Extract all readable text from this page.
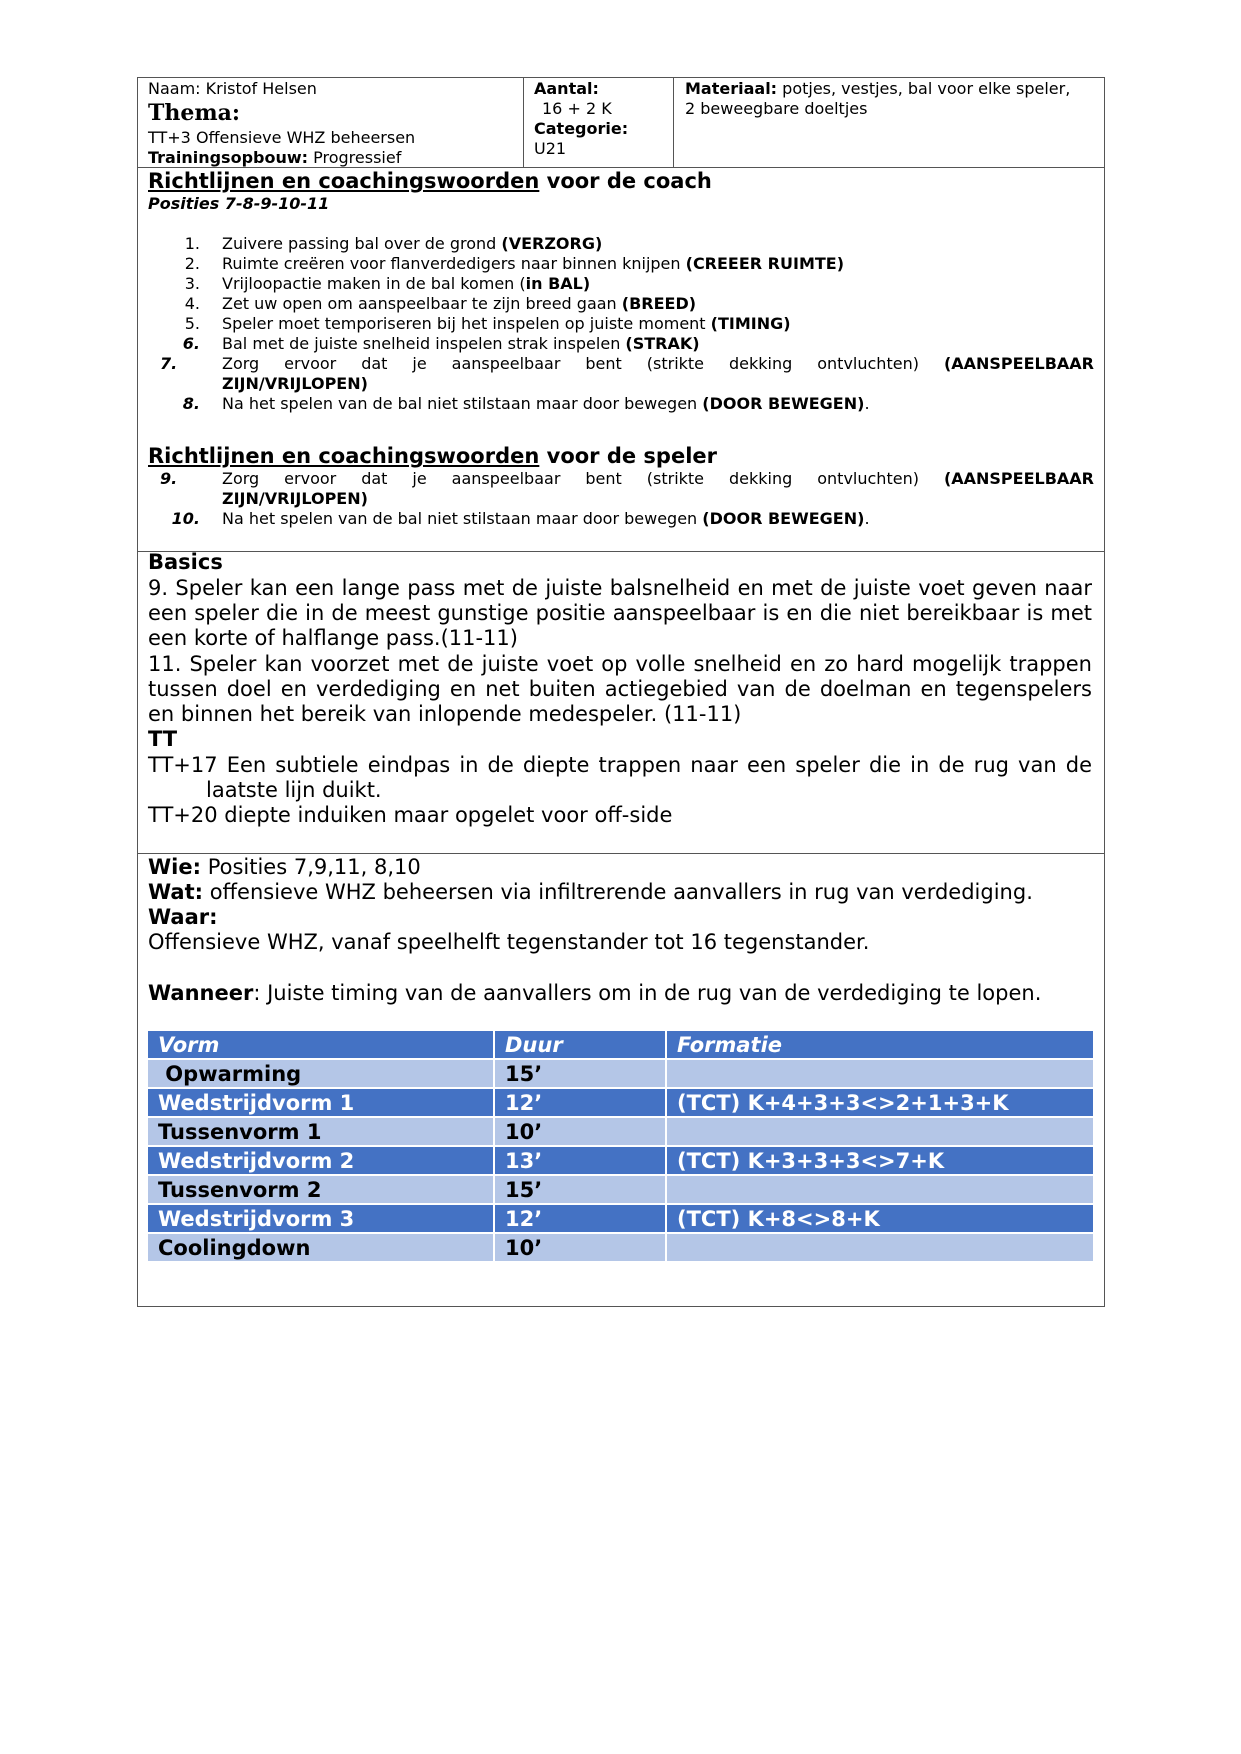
Naam: Kristof Helsen
Thema:
TT+3 Offensieve WHZ beheersen
Trainingsopbouw: Progressief
Aantal:
16 + 2 K
Categorie:
U21
Materiaal: potjes, vestjes, bal voor elke speler,
2 beweegbare doeltjes
Richtlijnen en coachingswoorden voor de coach
Posities 7-8-9-10-11
1. Zuivere passing bal over de grond (VERZORG)
2. Ruimte creëren voor flanverdedigers naar binnen knijpen (CREEER RUIMTE)
3. Vrijloopactie maken in de bal komen (in BAL)
4. Zet uw open om aanspeelbaar te zijn breed gaan (BREED)
5. Speler moet temporiseren bij het inspelen op juiste moment (TIMING)
6. Bal met de juiste snelheid inspelen strak inspelen (STRAK)
7.	Zorg ervoor dat je aanspeelbaar bent (strikte dekking ontvluchten) (AANSPEELBAAR
ZIJN/VRIJLOPEN)
8. Na het spelen van de bal niet stilstaan maar door bewegen (DOOR BEWEGEN).
Richtlijnen en coachingswoorden voor de speler
9.	Zorg ervoor dat je aanspeelbaar bent (strikte dekking ontvluchten) (AANSPEELBAAR
ZIJN/VRIJLOPEN)
10. Na het spelen van de bal niet stilstaan maar door bewegen (DOOR BEWEGEN).
Basics
9. Speler kan een lange pass met de juiste balsnelheid en met de juiste voet geven naar een speler die in de meest gunstige positie aanspeelbaar is en die niet bereikbaar is met een korte of halflange pass.(11-11)
11. Speler kan voorzet met de juiste voet op volle snelheid en zo hard mogelijk trappen tussen doel en verdediging en net buiten actiegebied van de doelman en tegenspelers en binnen het bereik van inlopende medespeler. (11-11)
TT
TT+17 Een subtiele eindpas in de diepte trappen naar een speler die in de rug van de
laatste lijn duikt.
TT+20 diepte induiken maar opgelet voor off-side
Wie: Posities 7,9,11, 8,10
Wat: offensieve WHZ beheersen via infiltrerende aanvallers in rug van verdediging.
Waar:
Offensieve WHZ, vanaf speelhelft tegenstander tot 16 tegenstander.
Wanneer: Juiste timing van de aanvallers om in de rug van de verdediging te lopen.
Vorm	Duur	Formatie
Opwarming	15’	
Wedstrijdvorm 1	12’	(TCT) K+4+3+3<>2+1+3+K
Tussenvorm 1	10’	
Wedstrijdvorm 2	13’	(TCT) K+3+3+3<>7+K
Tussenvorm 2	15’	
Wedstrijdvorm 3	12’	(TCT) K+8<>8+K
Coolingdown	10’	
